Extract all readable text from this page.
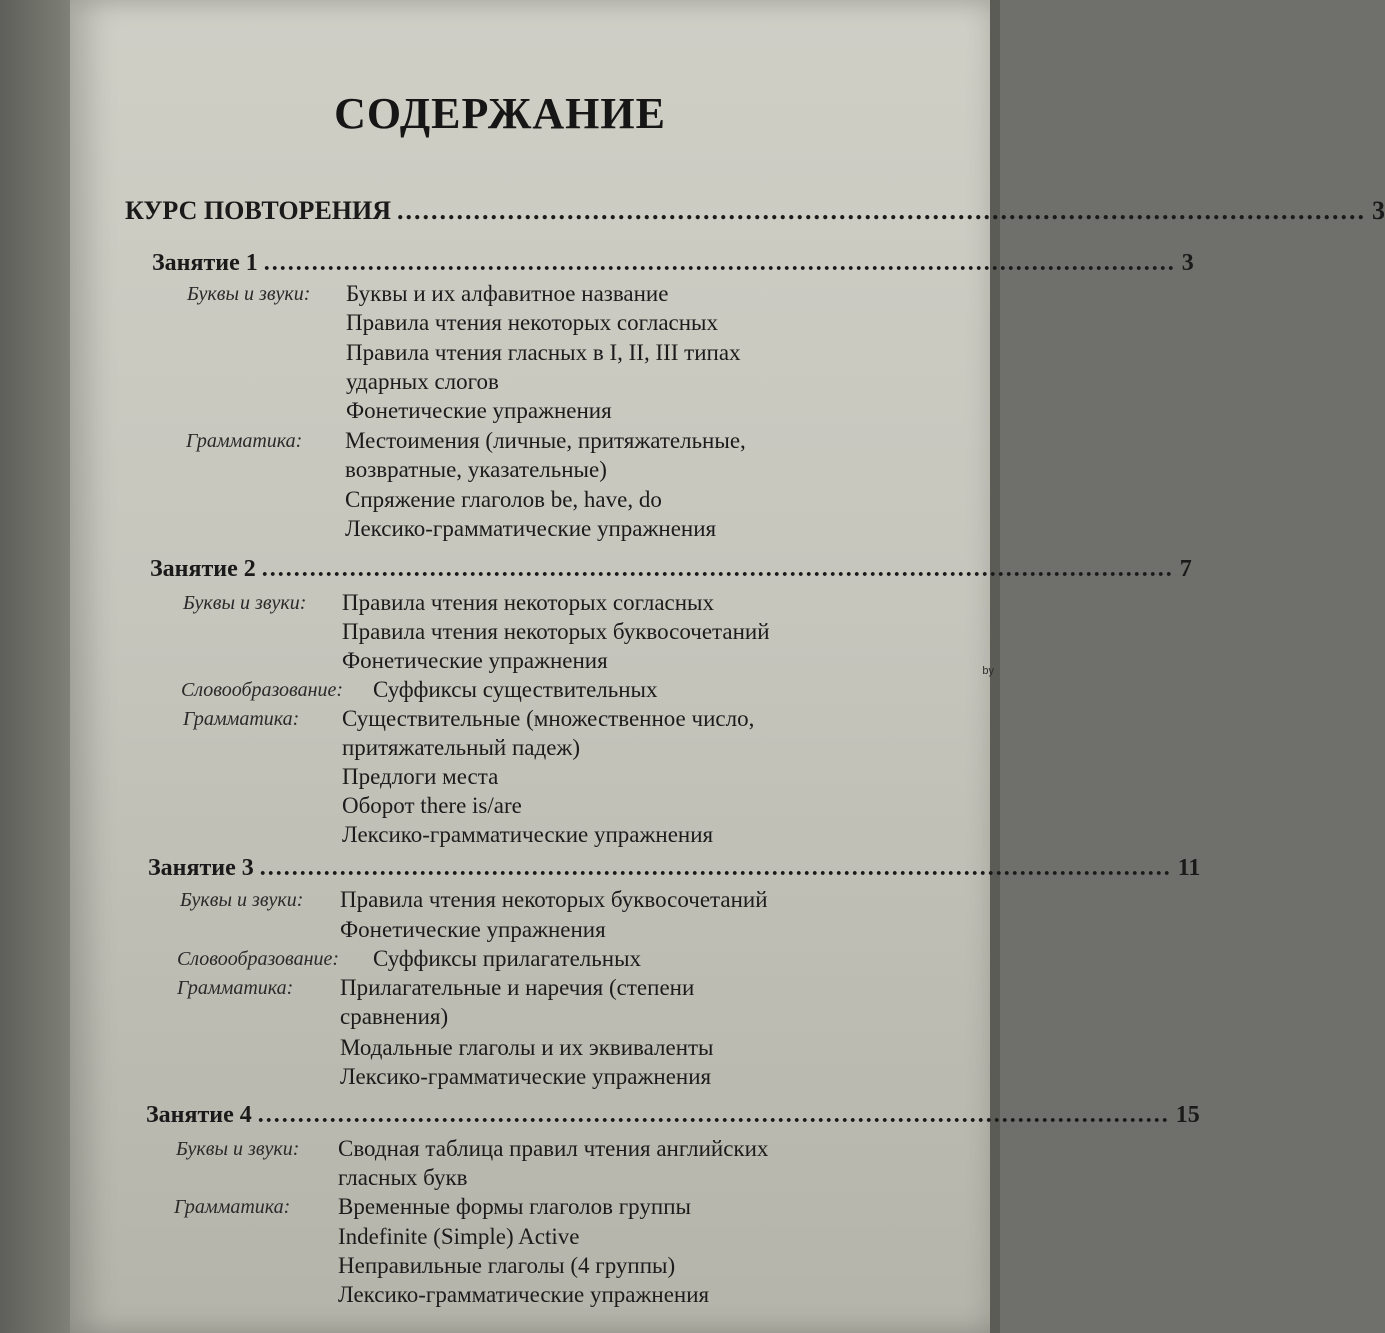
by
СОДЕРЖАНИЕ
КУРС ПОВТОРЕНИЯ .................................................................................................................. 3
Занятие 1 .................................................................................................................. 3
Буквы и звуки: Буквы и их алфавитное название
Правила чтения некоторых согласных
Правила чтения гласных в I, II, III типах
ударных слогов
Фонетические упражнения
Грамматика: Местоимения (личные, притяжательные,
возвратные, указательные)
Спряжение глаголов be, have, do
Лексико-грамматические упражнения
Занятие 2 .................................................................................................................. 7
Буквы и звуки: Правила чтения некоторых согласных
Правила чтения некоторых буквосочетаний
Фонетические упражнения
Словообразование: Суффиксы существительных
Грамматика: Существительные (множественное число,
притяжательный падеж)
Предлоги места
Оборот there is/are
Лексико-грамматические упражнения
Занятие 3 .................................................................................................................. 11
Буквы и звуки: Правила чтения некоторых буквосочетаний
Фонетические упражнения
Словообразование: Суффиксы прилагательных
Грамматика: Прилагательные и наречия (степени
сравнения)
Модальные глаголы и их эквиваленты
Лексико-грамматические упражнения
Занятие 4 .................................................................................................................. 15
Буквы и звуки: Сводная таблица правил чтения английских
гласных букв
Грамматика: Временные формы глаголов группы
Indefinite (Simple) Active
Неправильные глаголы (4 группы)
Лексико-грамматические упражнения
